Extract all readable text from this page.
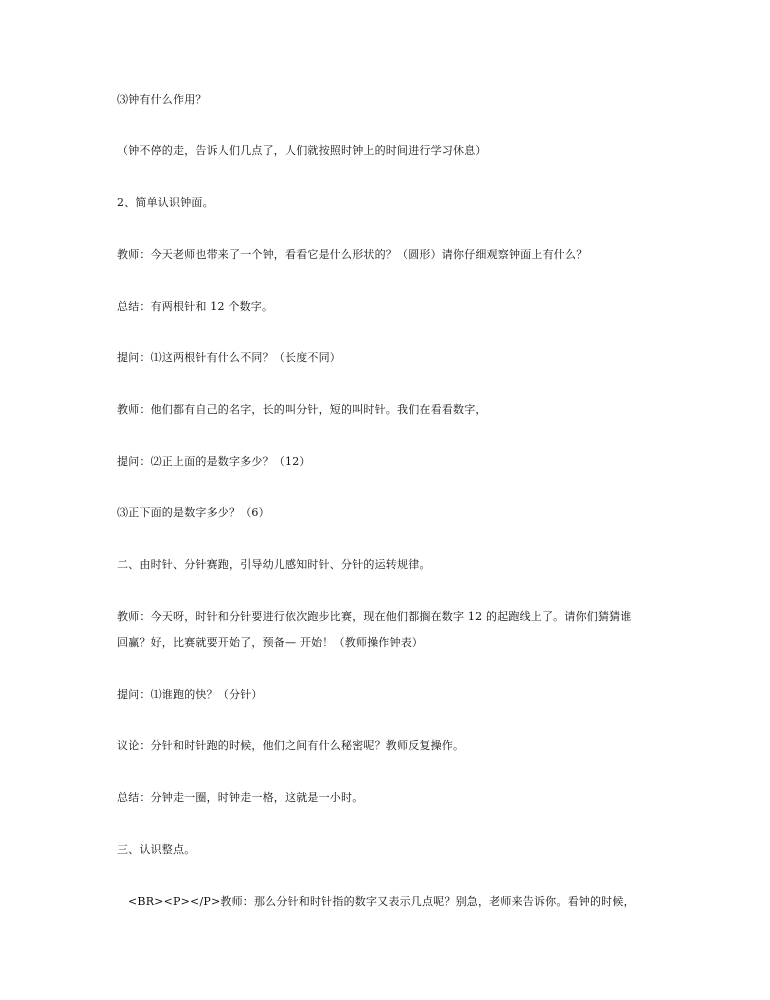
⑶钟有什么作用？
（钟不停的走，告诉人们几点了，人们就按照时钟上的时间进行学习休息）
2、简单认识钟面。
教师：今天老师也带来了一个钟，看看它是什么形状的？（圆形）请你仔细观察钟面上有什么？
总结：有两根针和 12 个数字。
提问：⑴这两根针有什么不同？（长度不同）
教师：他们都有自己的名字，长的叫分针，短的叫时针。我们在看看数字，
提问：⑵正上面的是数字多少？（12）
⑶正下面的是数字多少？（6）
二、由时针、分针赛跑，引导幼儿感知时针、分针的运转规律。
教师：今天呀，时针和分针要进行依次跑步比赛，现在他们都搁在数字 12 的起跑线上了。请你们猜猜谁
回赢？好，比赛就要开始了，预备— 开始！（教师操作钟表）
提问：⑴谁跑的快？（分针）
议论：分针和时针跑的时候，他们之间有什么秘密呢？教师反复操作。
总结：分钟走一圈，时钟走一格，这就是一小时。
三、认识整点。
<BR><P></P>教师：那么分针和时针指的数字又表示几点呢？别急，老师来告诉你。看钟的时候，
